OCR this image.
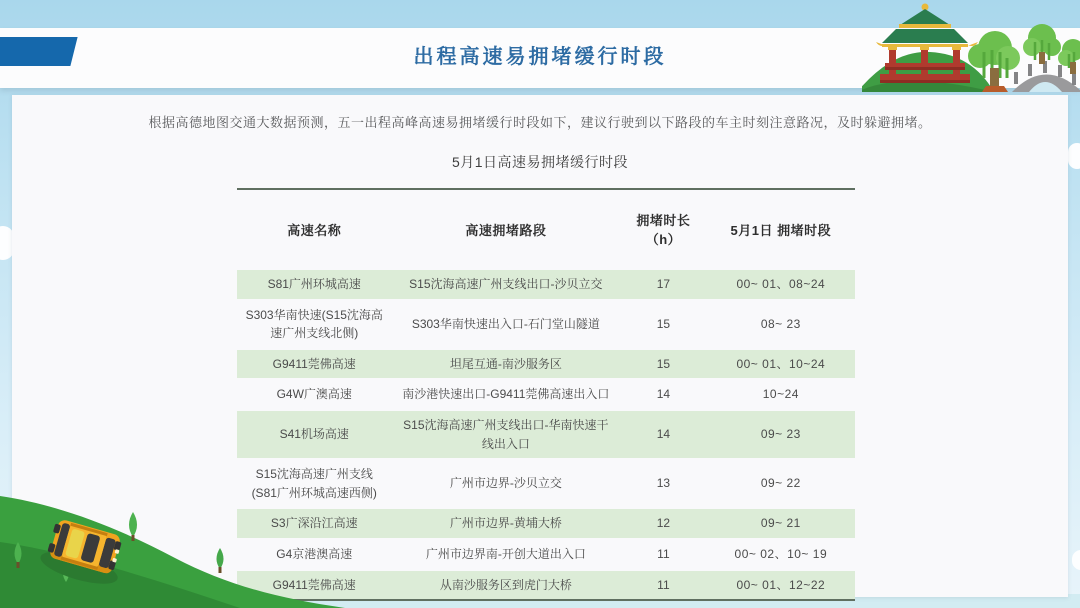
出程高速易拥堵缓行时段
根据高德地图交通大数据预测，五一出程高峰高速易拥堵缓行时段如下，建议行驶到以下路段的车主时刻注意路况，及时躲避拥堵。
5月1日高速易拥堵缓行时段
高速名称	高速拥堵路段	拥堵时长（h）	5月1日 拥堵时段
S81广州环城高速	S15沈海高速广州支线出口-沙贝立交	17	00~ 01、08~24
S303华南快速(S15沈海高速广州支线北侧)	S303华南快速出入口-石门堂山隧道	15	08~ 23
G9411莞佛高速	坦尾互通-南沙服务区	15	00~ 01、10~24
G4W广澳高速	南沙港快速出口-G9411莞佛高速出入口	14	10~24
S41机场高速	S15沈海高速广州支线出口-华南快速干线出入口	14	09~ 23
S15沈海高速广州支线(S81广州环城高速西侧)	广州市边界-沙贝立交	13	09~ 22
S3广深沿江高速	广州市边界-黄埔大桥	12	09~ 21
G4京港澳高速	广州市边界南-开创大道出入口	11	00~ 02、10~ 19
G9411莞佛高速	从南沙服务区到虎门大桥	11	00~ 01、12~22
